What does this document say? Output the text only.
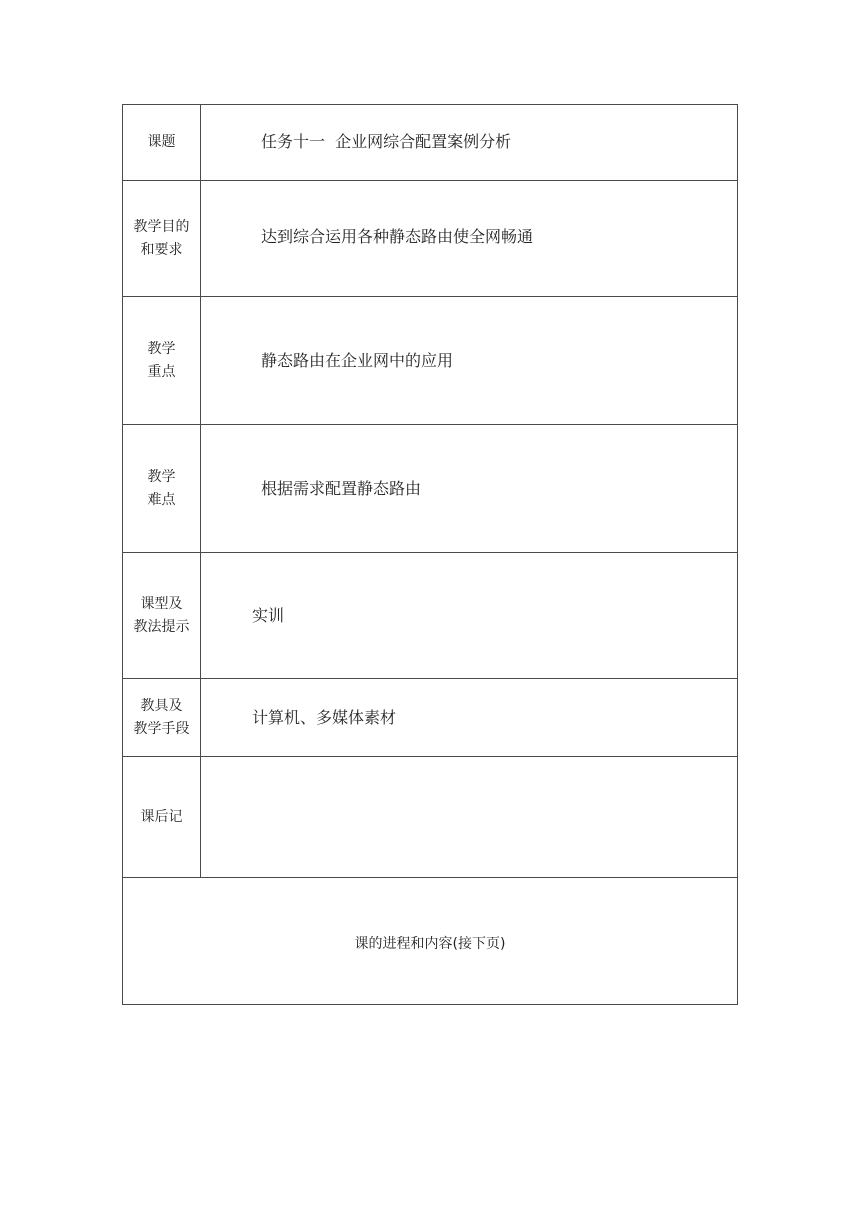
课题	任务十一  企业网综合配置案例分析

教学目的
和要求	达到综合运用各种静态路由使全网畅通

教学
重点	静态路由在企业网中的应用

教学
难点	根据需求配置静态路由

课型及
教法提示	实训

教具及
教学手段	计算机、多媒体素材

课后记	

课的进程和内容(接下页)	
